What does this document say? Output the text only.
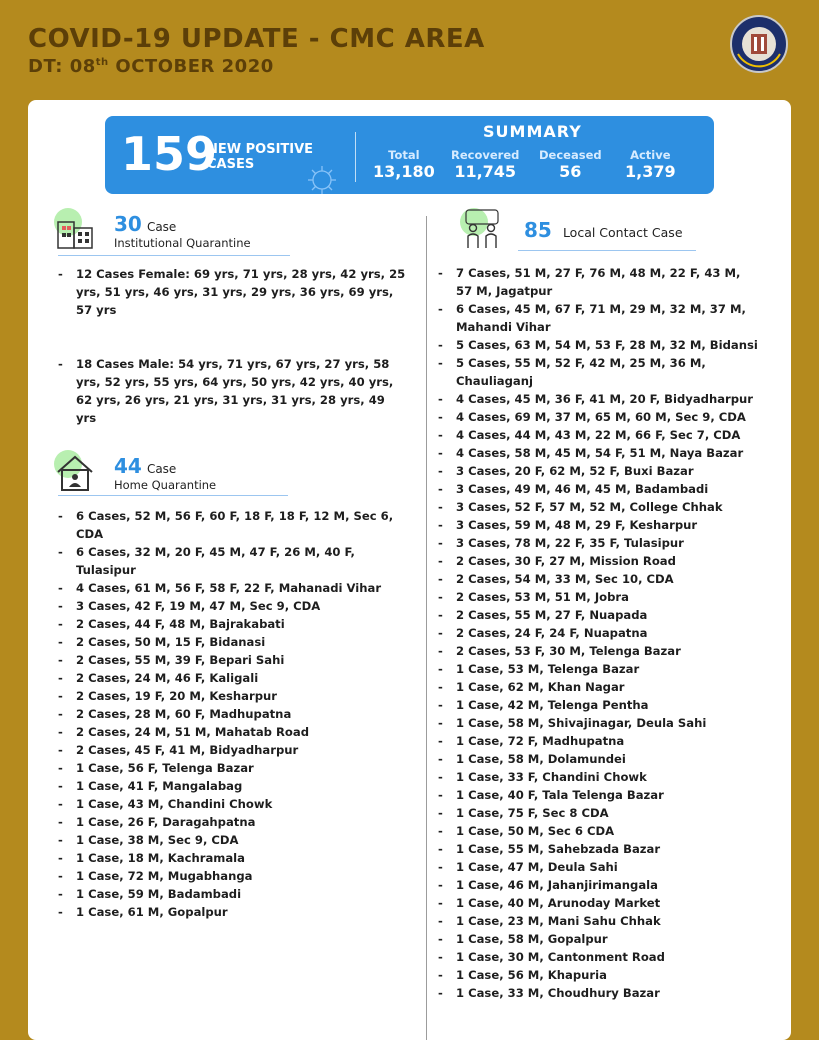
COVID-19 UPDATE - CMC AREA
DT: 08th OCTOBER 2020
159
NEW POSITIVE
CASES
SUMMARY
Total
13,180
Recovered
11,745
Deceased
56
Active
1,379
30 Case
Institutional Quarantine
- 12 Cases Female: 69 yrs, 71 yrs, 28 yrs, 42 yrs, 25 yrs, 51 yrs, 46 yrs, 31 yrs, 29 yrs, 36 yrs, 69 yrs, 57 yrs
- 18 Cases Male: 54 yrs, 71 yrs, 67 yrs, 27 yrs, 58 yrs, 52 yrs, 55 yrs, 64 yrs, 50 yrs, 42 yrs, 40 yrs, 62 yrs, 26 yrs, 21 yrs, 31 yrs, 31 yrs, 28 yrs, 49 yrs
44 Case
Home Quarantine
- 6 Cases, 52 M, 56 F, 60 F, 18 F, 18 F, 12 M, Sec 6, CDA
- 6 Cases, 32 M, 20 F, 45 M, 47 F, 26 M, 40 F, Tulasipur
- 4 Cases, 61 M, 56 F, 58 F, 22 F, Mahanadi Vihar
- 3 Cases, 42 F, 19 M, 47 M, Sec 9, CDA
- 2 Cases, 44 F, 48 M, Bajrakabati
- 2 Cases, 50 M, 15 F, Bidanasi
- 2 Cases, 55 M, 39 F, Bepari Sahi
- 2 Cases, 24 M, 46 F, Kaligali
- 2 Cases, 19 F, 20 M, Kesharpur
- 2 Cases, 28 M, 60 F, Madhupatna
- 2 Cases, 24 M, 51 M, Mahatab Road
- 2 Cases, 45 F, 41 M, Bidyadharpur
- 1 Case, 56 F, Telenga Bazar
- 1 Case, 41 F, Mangalabag
- 1 Case, 43 M, Chandini Chowk
- 1 Case, 26 F, Daragahpatna
- 1 Case, 38 M, Sec 9, CDA
- 1 Case, 18 M, Kachramala
- 1 Case, 72 M, Mugabhanga
- 1 Case, 59 M, Badambadi
- 1 Case, 61 M, Gopalpur
85 Local Contact Case
- 7 Cases, 51 M, 27 F, 76 M, 48 M, 22 F, 43 M, 57 M, Jagatpur
- 6 Cases, 45 M, 67 F, 71 M, 29 M, 32 M, 37 M, Mahandi Vihar
- 5 Cases, 63 M, 54 M, 53 F, 28 M, 32 M, Bidansi
- 5 Cases, 55 M, 52 F, 42 M, 25 M, 36 M, Chauliaganj
- 4 Cases, 45 M, 36 F, 41 M, 20 F, Bidyadharpur
- 4 Cases, 69 M, 37 M, 65 M, 60 M, Sec 9, CDA
- 4 Cases, 44 M, 43 M, 22 M, 66 F, Sec 7, CDA
- 4 Cases, 58 M, 45 M, 54 F, 51 M, Naya Bazar
- 3 Cases, 20 F, 62 M, 52 F, Buxi Bazar
- 3 Cases, 49 M, 46 M, 45 M, Badambadi
- 3 Cases, 52 F, 57 M, 52 M, College Chhak
- 3 Cases, 59 M, 48 M, 29 F, Kesharpur
- 3 Cases, 78 M, 22 F, 35 F, Tulasipur
- 2 Cases, 30 F, 27 M, Mission Road
- 2 Cases, 54 M, 33 M, Sec 10, CDA
- 2 Cases, 53 M, 51 M, Jobra
- 2 Cases, 55 M, 27 F, Nuapada
- 2 Cases, 24 F, 24 F, Nuapatna
- 2 Cases, 53 F, 30 M, Telenga Bazar
- 1 Case, 53 M, Telenga Bazar
- 1 Case, 62 M, Khan Nagar
- 1 Case, 42 M, Telenga Pentha
- 1 Case, 58 M, Shivajinagar, Deula Sahi
- 1 Case, 72 F, Madhupatna
- 1 Case, 58 M, Dolamundei
- 1 Case, 33 F, Chandini Chowk
- 1 Case, 40 F, Tala Telenga Bazar
- 1 Case, 75 F, Sec 8 CDA
- 1 Case, 50 M, Sec 6 CDA
- 1 Case, 55 M, Sahebzada Bazar
- 1 Case, 47 M, Deula Sahi
- 1 Case, 46 M, Jahanjirimangala
- 1 Case, 40 M, Arunoday Market
- 1 Case, 23 M, Mani Sahu Chhak
- 1 Case, 58 M, Gopalpur
- 1 Case, 30 M, Cantonment Road
- 1 Case, 56 M, Khapuria
- 1 Case, 33 M, Choudhury Bazar
